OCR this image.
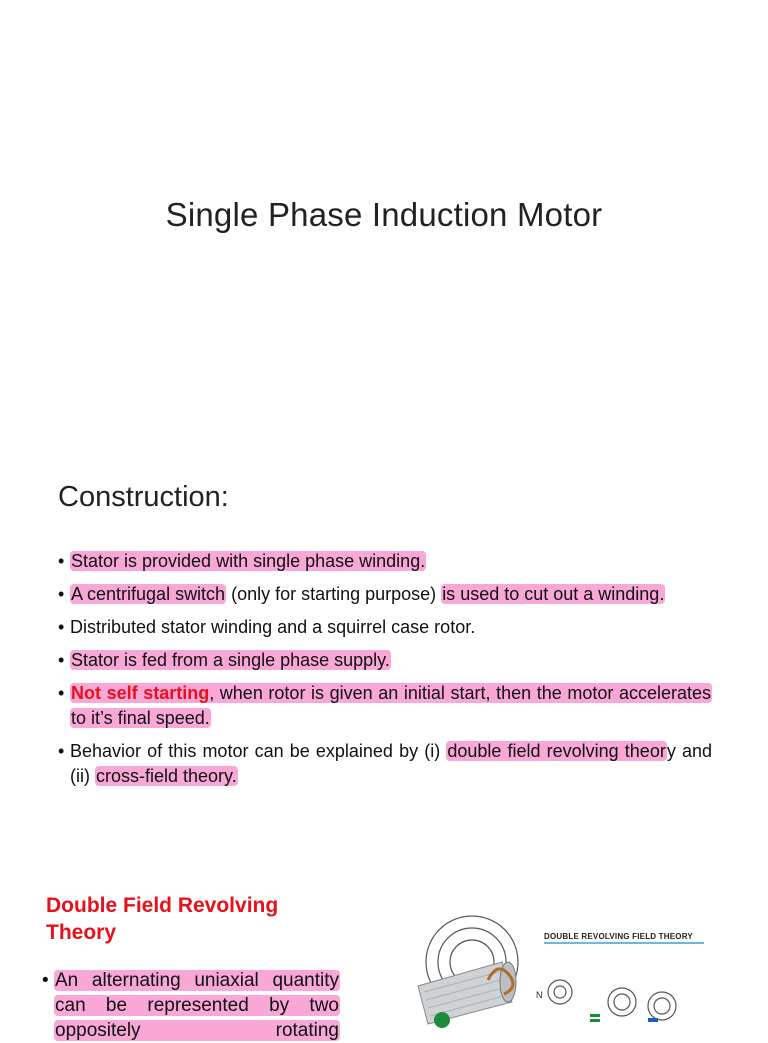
Single Phase Induction Motor
Construction:
• Stator is provided with single phase winding.
• A centrifugal switch (only for starting purpose) is used to cut out a winding.
• Distributed stator winding and a squirrel case rotor.
• Stator is fed from a single phase supply.
• Not self starting, when rotor is given an initial start, then the motor accelerates to it’s final speed.
• Behavior of this motor can be explained by (i) double field revolving theory and (ii) cross-field theory.
Double Field Revolving Theory
• An alternating uniaxial quantity can be represented by two oppositely rotating
N
DOUBLE REVOLVING FIELD THEORY
